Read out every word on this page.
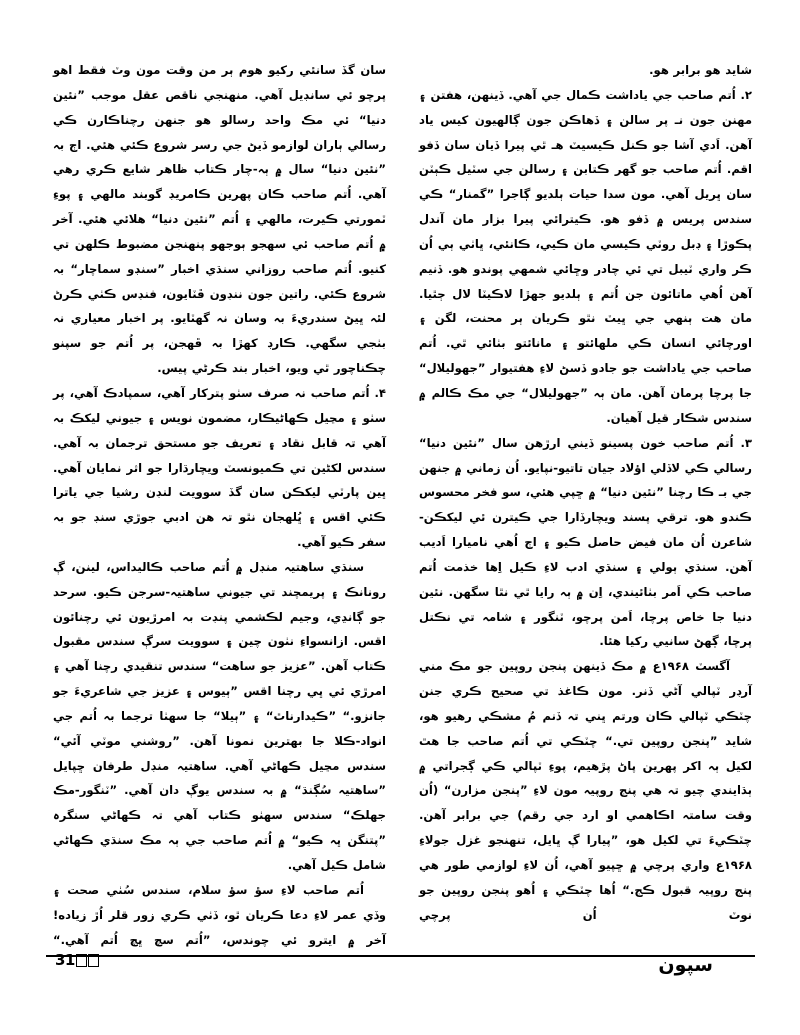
شايد هو برابر هو.

۲. اُتم صاحب جي ياداشت ڪمال جي آهي. ڏينهن، هفتن ۽ مهنن جون نـ پر سالن ۽ ڏهاڪن جون ڳالهيون کيس ياد آهن. اَدي آشا جو ڪنل ڪيسيٽ هـ ٿي پيرا ڏيان سان ڏفو اقم. اُتم صاحب جو گهر ڪتابن ۽ رسالن جي سٽيل ڪٻٽن سان ڀريل آهي. مون سدا حيات ٻلديو ڳاجرا ”گمنار“ ڪي سندس پريس ۾ ڏفو هو. ڪيترائي پيرا بزار مان آندل پڪوڙا ۽ ڊبل روٽي ڪيسي مان ڪيي، ڪانئي، ڀاٺي ٻي اُن ڪر واري ٽيبل تي ئي چادر وڇائي شمهي پوندو هو. ڏنيم آهن اُهي ماتائون جن اُتم ۽ ٻلديو جهڙا لاڪيٽا لال ڄٿيا. مان هت ٻنهي جي ڀيٽ نٿو ڪريان ٻر محنت، لگن ۽ اورچائي انسان ڪي ملهائتو ۽ مانائتو بٺائي ٿي. اُتم صاحب جي ياداشت جو جادو ڏسڻ لاءِ هفتيوار ”جهوليلال“ جا پرچا پرمان آهن. مان ٻہ ”جهوليلال“ جي مڪ ڪالم ۾ سندس شڪار قيل آهيان.

۳. اُتم صاحب خون پسينو ڏيني ارڙهن سال ”نئين دنيا“ رسالي ڪي لاڏلي اؤلاد جيان تاتيو-نپايو. اُن زماني ۾ جنهن جي بـ ڪا رچنا ”نئين دنيا“ ۾ ڇپي هئي، سو فخر محسوس ڪندو هو. ترقي پسند ويچارڏارا جي ڪيترن ئي ليکڪن-شاعرن اُن مان فيض حاصل ڪيو ۽ اڄ اُهي ناميارا اَديب آهن. سنڌي ٻولي ۽ سنڌي ادب لاءِ ڪيل اِها خذمت اُتم صاحب ڪي اَمر بٺائيندي، اِن ۾ ٻہ رايا ٿي نٿا سگهن. نئين دنيا جا خاص پرچا، اَمن پرچو، ٽنگور ۽ شامہ تي نڪتل پرچا، ڳهڻ سانيي رکيا هئا.

آگسٽ ۱۹۶۸ع ۾ مڪ ڏينهن پنجن روپين جو مڪ مني آرڊر ٽپالي آڻي ڏنر. مون ڪاغذ تي صحيح ڪري جنن چٽڪي ٽپالي ڪان ورتم ڀني تہ ڏنم مُ مشڪي رهيو هو، شايد ”پنجن روپين تي.“ چٽڪي تي اُتم صاحب جا هٿ لکيل ٻہ اکر پهرين پاڻ پڙهيم، پوءِ ٽپالي ڪي ڳجراتي ۾ ٻڌايندي چيو تہ هي پنج روپيہ مون لاءِ ”پنجن مزارن“ (اُن وقت سامتہ اڪاهمي او ارد جي رقم) جي برابر آهن. چٽڪيءَ تي لکيل هو، ”پيارا ڳ ڀايل، تنهنجو غزل جولاءِ ۱۹۶۸ع واري پرچي ۾ ڇپيو آهي، اُن لاءِ لوازمي طور هي پنج روپيہ قبول ڪج.“ اُها چٽڪي ۽ اُهو پنجن روپين جو نوٽ اُن پرچي

سان گڏ سانئي رکيو هوم ٻر من وقت مون وٽ فقط اهو پرچو ئي سانڊيل آهي. منهنجي ناقص عقل موجب ”نئين دنيا“ ئي مڪ واحد رسالو هو جنهن رچناڪارن ڪي رسالي ٻاران لوازمو ڏيڻ جي رسر شروع ڪئي هئي. اڄ بہ ”نئين دنيا“ سال ۾ ٻہ-چار ڪتاب ظاهر شايع ڪري رهي آهي. اُتم صاحب ڪان پهرين ڪامريڊ گوبند مالهي ۽ پوءِ ٽمورتي ڪيرت، مالهي ۽ اُتم ”نئين دنيا“ هلائي هئي. آخر ۾ اُتم صاحب ئي سهجو ٻوجهو پنهنجن مضبوط ڪلهن تي کنيو. اُتم صاحب روزاني سنڌي اخبار ”سنڊو سماچار“ بہ شروع ڪئي. راتين جون ننڊون ڦٽايون، فنڊس ڪٺي ڪرڻ لئہ ڀيڻ سندريءَ بہ وسان نہ گهٽايو. پر اخبار معياري نہ بٺجي سگهي. ڪارڊ کهڙا بہ ڦهجن، پر اُتم جو سپنو چڪناچور ٿي ويو، اخبار بند ڪرڻي پيس.

۴. اُتم صاحب نہ صرف سٺو پتركار آهي، سمپادڪ آهي، پر سٺو ۽ مڃيل ڪهاڻيڪار، مضمون نويس ۽ جيوني ليکڪ بہ آهي تہ قابل نقاد ۽ تعريف جو مستحق ترجمان بہ آهي. سندس لکڻين تي ڪميونسٽ ويچارڌارا جو اثر نمايان آهي. ڀين پارٽي ليکڪن سان گڏ سوويت لنڊن رشيا جي ياترا ڪئي اقس ۽ ڀُلهجان نٿو تہ هن ادبي جوڙي سنڊ جو بہ سفر ڪيو آهي.

سنڌي ساهتيہ منڊل ۾ اُتم صاحب ڪاليداس، لينن، ڳ رونانڪ ۽ پريمچند تي جيوني ساهتيہ-سرجن ڪيو. سرحد جو ڳانڍي، وجيم لڪشمي پنڊت بہ امرڙيون ئي رچنائون اقس. ازانسواءِ نٺون چين ۽ سوويت سرڳ سندس مقبول ڪتاب آهن. ”عزيز جو ساهت“ سندس تنقيدي رچنا آهي ۽ امرڙي ئي ڀي رچنا اقس ”ٻيوس ۽ عزيز جي شاعريءَ جو جانزو.“ ”ڪيدارناٿ“ ۽ ”ٻيلا“ جا سهٺا ترجما بہ اُتم جي انواد-ڪلا جا بهترين نمونا آهن. ”روشني موٽي آئي“ سندس مڃيل ڪهاڻي آهي. ساهتيہ منڊل طرفان ڇپايل ”ساهتيہ سُڳنڌ“ ۾ بہ سندس يوڳ دان آهي. ”ٽنگور-مڪ جهلڪ“ سندس سهٺو ڪتاب آهي تہ ڪهاڻي سنگرہ ”پتنگن ڀہ ڪيو“ ۾ اُتم صاحب جي ٻہ مڪ سنڌي ڪهاڻي شامل ڪيل آهي.

اُتم صاحب لاءِ سؤ سؤ سلام، سندس سُٺي صحت ۽ وڏي عمر لاءِ دعا ڪريان ٿو، ڏٺي ڪري زور قلر اُڙ زياده! آخر ۾ ايترو ئي چوندس، ”اُتم سچ ڀچ اُتم آهي.“

31	سپون
